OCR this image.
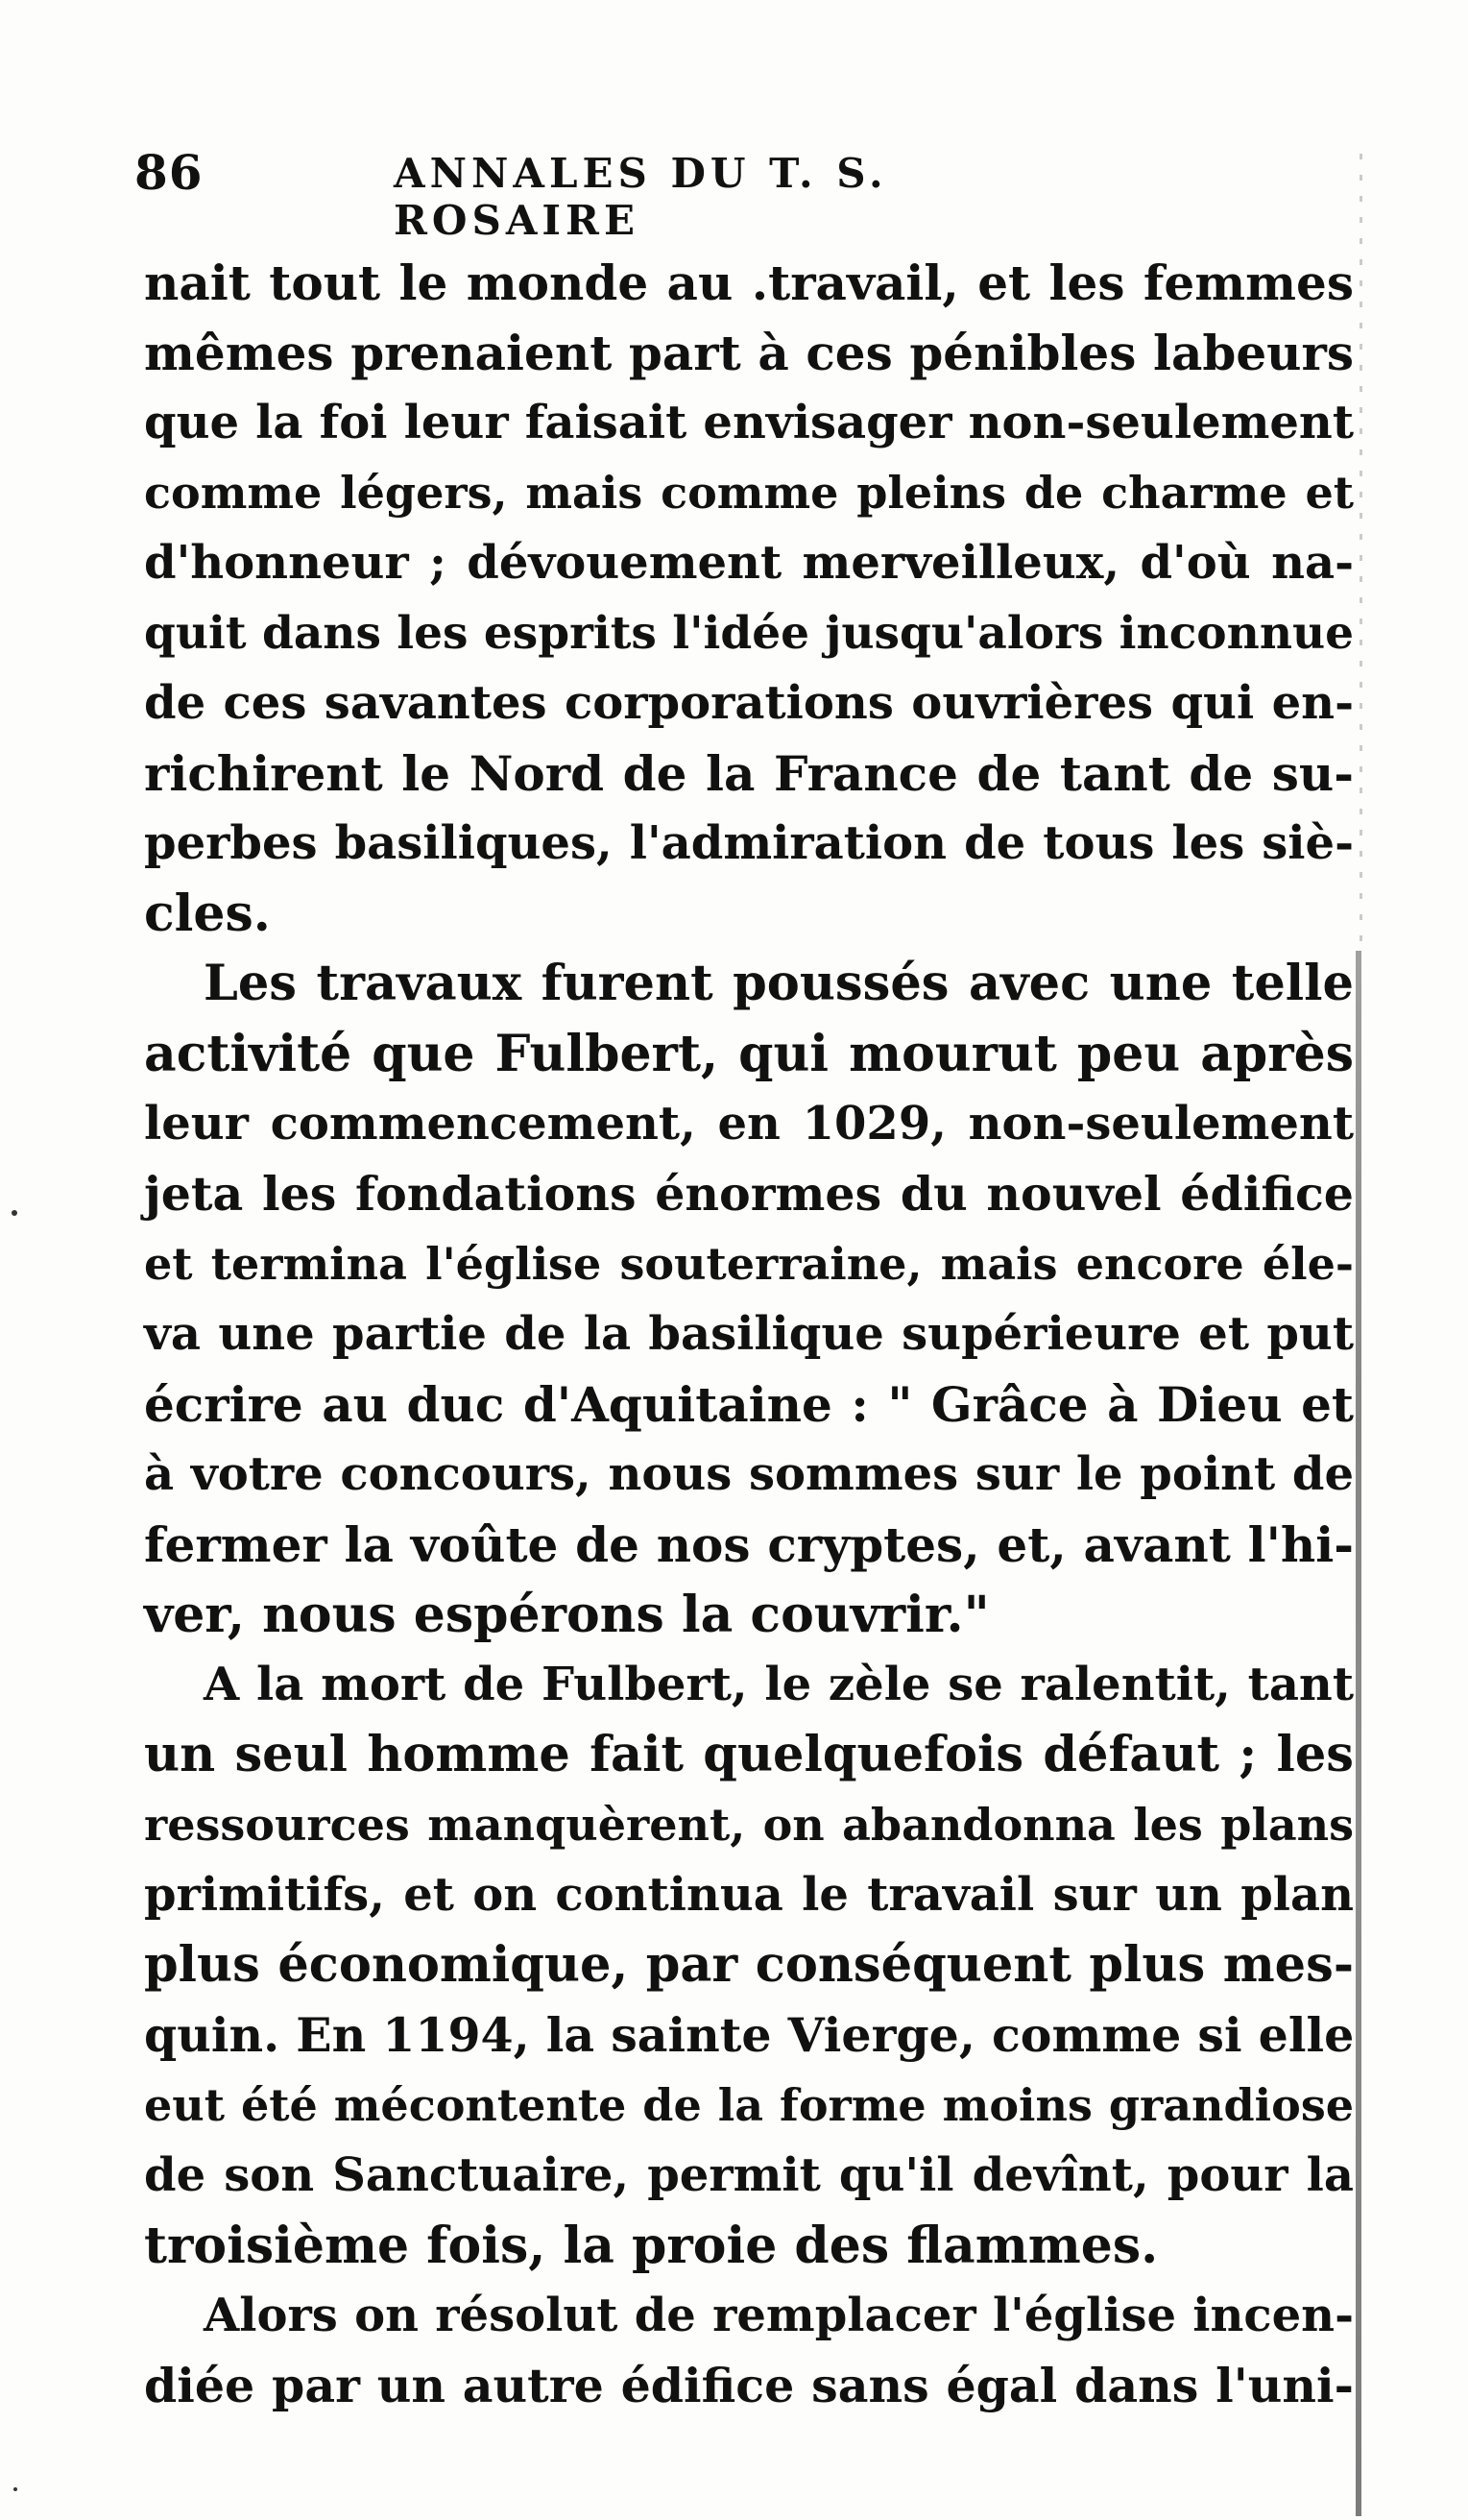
86	ANNALES DU T. S. ROSAIRE
nait tout le monde au .travail, et les femmes
mêmes prenaient part à ces pénibles labeurs
que la foi leur faisait envisager non-seulement
comme légers, mais comme pleins de charme et
d'honneur ; dévouement merveilleux, d'où na-
quit dans les esprits l'idée jusqu'alors inconnue
de ces savantes corporations ouvrières qui en-
richirent le Nord de la France de tant de su-
perbes basiliques, l'admiration de tous les siè-
cles.
Les travaux furent poussés avec une telle
activité que Fulbert, qui mourut peu après
leur commencement, en 1029, non-seulement
jeta les fondations énormes du nouvel édifice
et termina l'église souterraine, mais encore éle-
va une partie de la basilique supérieure et put
écrire au duc d'Aquitaine : " Grâce à Dieu et
à votre concours, nous sommes sur le point de
fermer la voûte de nos cryptes, et, avant l'hi-
ver, nous espérons la couvrir."
A la mort de Fulbert, le zèle se ralentit, tant
un seul homme fait quelquefois défaut ; les
ressources manquèrent, on abandonna les plans
primitifs, et on continua le travail sur un plan
plus économique, par conséquent plus mes-
quin. En 1194, la sainte Vierge, comme si elle
eut été mécontente de la forme moins grandiose
de son Sanctuaire, permit qu'il devînt, pour la
troisième fois, la proie des flammes.
Alors on résolut de remplacer l'église incen-
diée par un autre édifice sans égal dans l'uni-
